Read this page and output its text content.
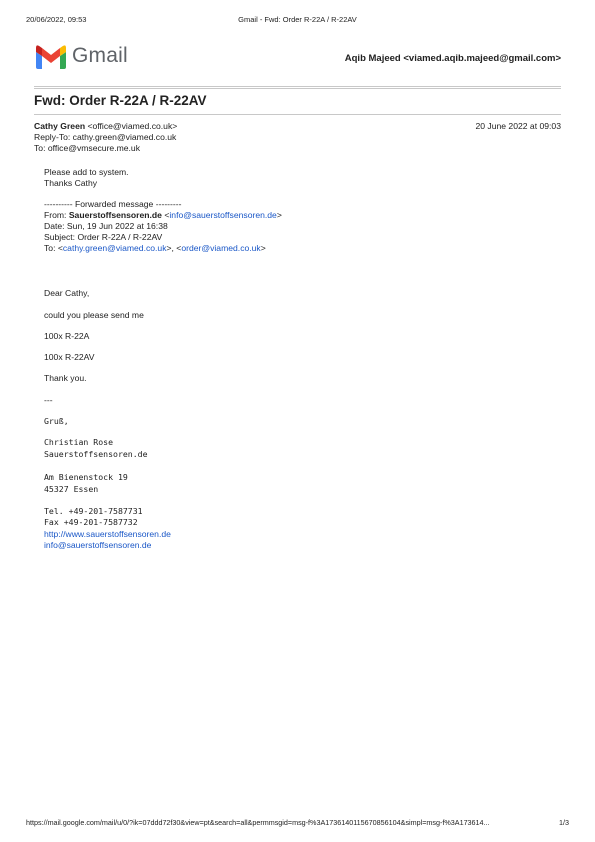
20/06/2022, 09:53	Gmail - Fwd: Order R-22A / R-22AV
Gmail	Aqib Majeed <viamed.aqib.majeed@gmail.com>
Fwd: Order R-22A / R-22AV
Cathy Green <office@viamed.co.uk>	20 June 2022 at 09:03
Reply-To: cathy.green@viamed.co.uk
To: office@vmsecure.me.uk
Please add to system.
Thanks Cathy
---------- Forwarded message ---------
From: Sauerstoffsensoren.de <info@sauerstoffsensoren.de>
Date: Sun, 19 Jun 2022 at 16:38
Subject: Order R-22A / R-22AV
To: <cathy.green@viamed.co.uk>, <order@viamed.co.uk>
Dear Cathy,
could you please send me
100x R-22A
100x R-22AV
Thank you.
---
Gruß,
Christian Rose
Sauerstoffsensoren.de
Am Bienenstock 19
45327 Essen
Tel. +49-201-7587731
Fax +49-201-7587732
http://www.sauerstoffsensoren.de
info@sauerstoffsensoren.de
https://mail.google.com/mail/u/0/?ik=07ddd72f30&view=pt&search=all&permmsgid=msg-f%3A1736140115670856104&simpl=msg-f%3A173614...	1/3
